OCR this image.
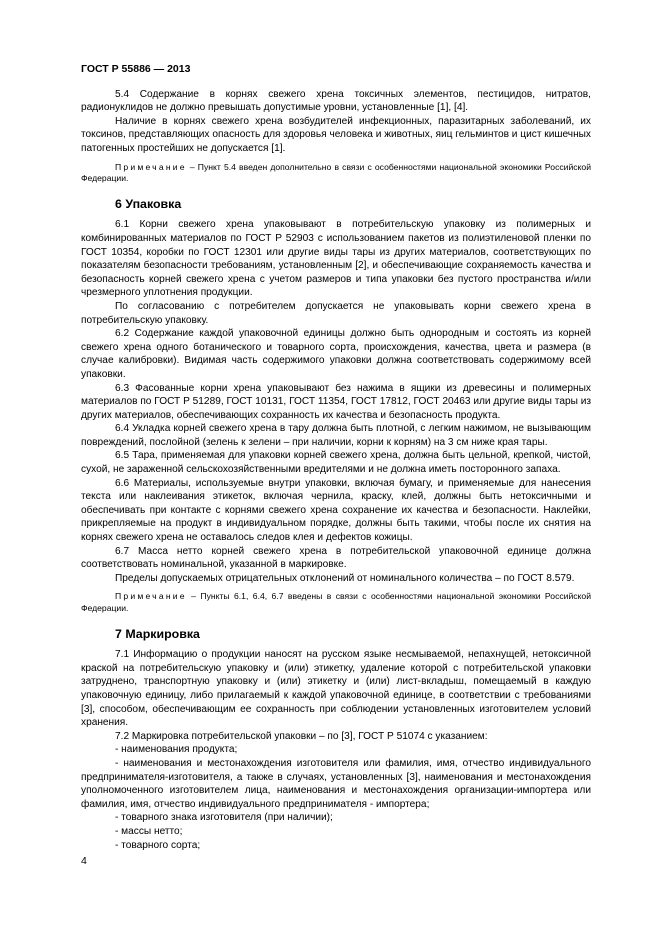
ГОСТ Р 55886 — 2013

5.4 Содержание в корнях свежего хрена токсичных элементов, пестицидов, нитратов, радионуклидов не должно превышать допустимые уровни, установленные [1], [4].

Наличие в корнях свежего хрена возбудителей инфекционных, паразитарных заболеваний, их токсинов, представляющих опасность для здоровья человека и животных, яиц гельминтов и цист кишечных патогенных простейших не допускается [1].

Примечание – Пункт 5.4 введен дополнительно в связи с особенностями национальной экономики Российской Федерации.

6 Упаковка

6.1 Корни свежего хрена упаковывают в потребительскую упаковку из полимерных и комбинированных материалов по ГОСТ Р 52903 с использованием пакетов из полиэтиленовой пленки по ГОСТ 10354, коробки по ГОСТ 12301 или другие виды тары из других материалов, соответствующих по показателям безопасности требованиям, установленным [2], и обеспечивающие сохраняемость качества и безопасность корней свежего хрена с учетом размеров и типа упаковки без пустого пространства и/или чрезмерного уплотнения продукции.

По согласованию с потребителем допускается не упаковывать корни свежего хрена в потребительскую упаковку.

6.2 Содержание каждой упаковочной единицы должно быть однородным и состоять из корней свежего хрена одного ботанического и товарного сорта, происхождения, качества, цвета и размера (в случае калибровки). Видимая часть содержимого упаковки должна соответствовать содержимому всей упаковки.

6.3 Фасованные корни хрена упаковывают без нажима в ящики из древесины и полимерных материалов по ГОСТ Р 51289, ГОСТ 10131, ГОСТ 11354, ГОСТ 17812, ГОСТ 20463 или другие виды тары из других материалов, обеспечивающих сохранность их качества и безопасность продукта.

6.4 Укладка корней свежего хрена в тару должна быть плотной, с легким нажимом, не вызывающим повреждений, послойной (зелень к зелени – при наличии, корни к корням) на 3 см ниже края тары.

6.5 Тара, применяемая для упаковки корней свежего хрена, должна быть цельной, крепкой, чистой, сухой, не зараженной сельскохозяйственными вредителями и не должна иметь посторонного запаха.

6.6 Материалы, используемые внутри упаковки, включая бумагу, и применяемые для нанесения текста или наклеивания этикеток, включая чернила, краску, клей, должны быть нетоксичными и обеспечивать при контакте с корнями свежего хрена сохранение их качества и безопасности. Наклейки, прикрепляемые на продукт в индивидуальном порядке, должны быть такими, чтобы после их снятия на корнях свежего хрена не оставалось следов клея и дефектов кожицы.

6.7 Масса нетто корней свежего хрена в потребительской упаковочной единице должна соответствовать номинальной, указанной в маркировке.

Пределы допускаемых отрицательных отклонений от номинального количества – по ГОСТ 8.579.

Примечание – Пункты 6.1, 6.4, 6.7 введены в связи с особенностями национальной экономики Российской Федерации.

7 Маркировка

7.1 Информацию о продукции наносят на русском языке несмываемой, непахнущей, нетоксичной краской на потребительскую упаковку и (или) этикетку, удаление которой с потребительской упаковки затруднено, транспортную упаковку и (или) этикетку и (или) лист-вкладыш, помещаемый в каждую упаковочную единицу, либо прилагаемый к каждой упаковочной единице, в соответствии с требованиями [3], способом, обеспечивающим ее сохранность при соблюдении установленных изготовителем условий хранения.

7.2 Маркировка потребительской упаковки – по [3], ГОСТ Р 51074 с указанием:

- наименования продукта;

- наименования и местонахождения изготовителя или фамилия, имя, отчество индивидуального предпринимателя-изготовителя, а также в случаях, установленных [3], наименования и местонахождения уполномоченного изготовителем лица, наименования и местонахождения организации-импортера или фамилия, имя, отчество индивидуального предпринимателя - импортера;

- товарного знака изготовителя (при наличии);

- массы нетто;

- товарного сорта;

4
